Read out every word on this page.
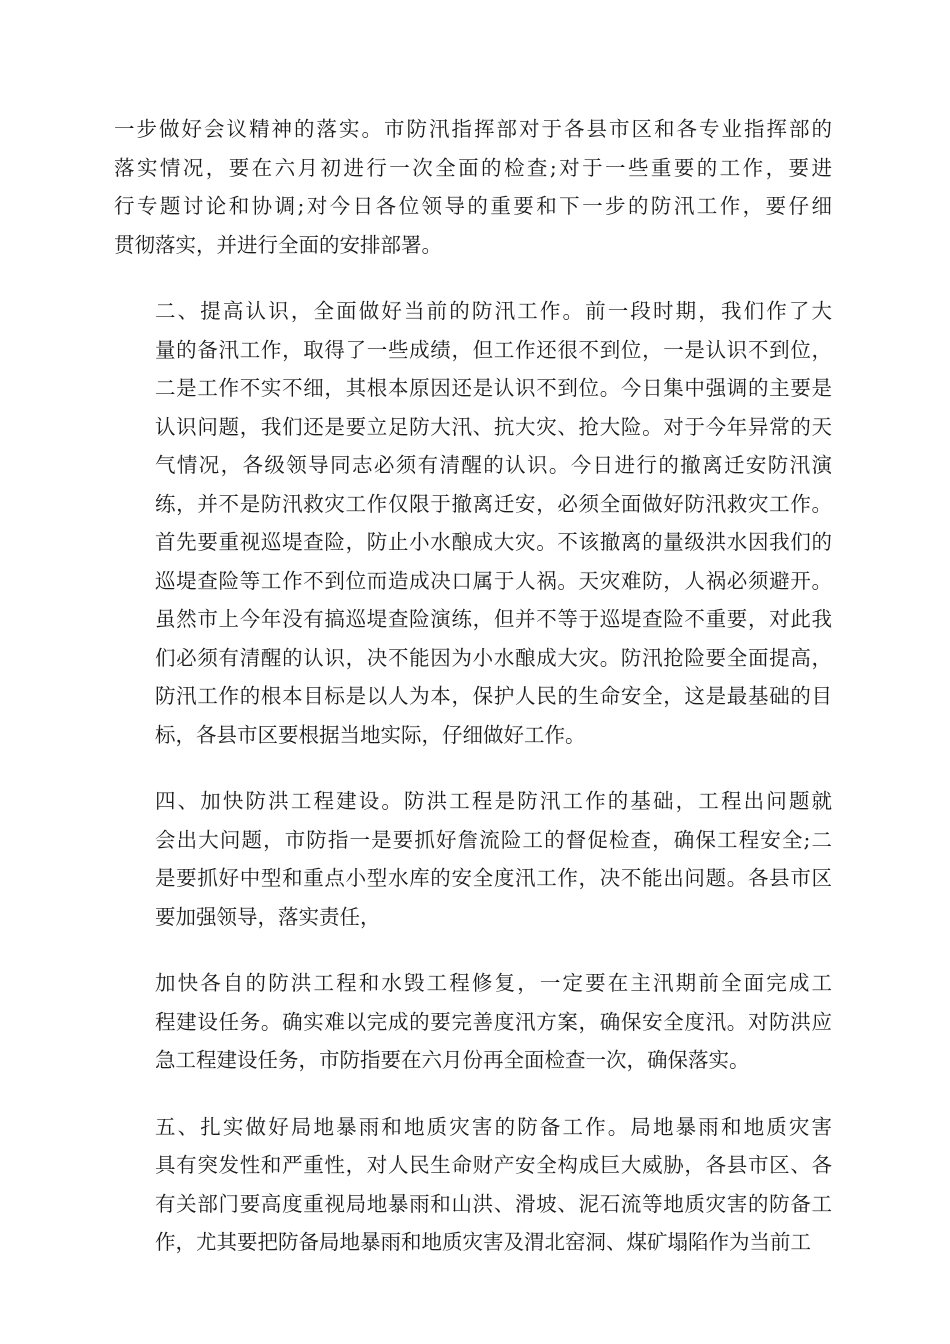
一步做好会议精神的落实。市防汛指挥部对于各县市区和各专业指挥部的
落实情况，要在六月初进行一次全面的检查;对于一些重要的工作，要进
行专题讨论和协调;对今日各位领导的重要和下一步的防汛工作，要仔细
贯彻落实，并进行全面的安排部署。
二、提高认识，全面做好当前的防汛工作。前一段时期，我们作了大
量的备汛工作，取得了一些成绩，但工作还很不到位，一是认识不到位，
二是工作不实不细，其根本原因还是认识不到位。今日集中强调的主要是
认识问题，我们还是要立足防大汛、抗大灾、抢大险。对于今年异常的天
气情况，各级领导同志必须有清醒的认识。今日进行的撤离迁安防汛演
练，并不是防汛救灾工作仅限于撤离迁安，必须全面做好防汛救灾工作。
首先要重视巡堤查险，防止小水酿成大灾。不该撤离的量级洪水因我们的
巡堤查险等工作不到位而造成决口属于人祸。天灾难防，人祸必须避开。
虽然市上今年没有搞巡堤查险演练，但并不等于巡堤查险不重要，对此我
们必须有清醒的认识，决不能因为小水酿成大灾。防汛抢险要全面提高，
防汛工作的根本目标是以人为本，保护人民的生命安全，这是最基础的目
标，各县市区要根据当地实际，仔细做好工作。
四、加快防洪工程建设。防洪工程是防汛工作的基础，工程出问题就
会出大问题，市防指一是要抓好詹流险工的督促检查，确保工程安全;二
是要抓好中型和重点小型水库的安全度汛工作，决不能出问题。各县市区
要加强领导，落实责任，
加快各自的防洪工程和水毁工程修复，一定要在主汛期前全面完成工
程建设任务。确实难以完成的要完善度汛方案，确保安全度汛。对防洪应
急工程建设任务，市防指要在六月份再全面检查一次，确保落实。
五、扎实做好局地暴雨和地质灾害的防备工作。局地暴雨和地质灾害
具有突发性和严重性，对人民生命财产安全构成巨大威胁，各县市区、各
有关部门要高度重视局地暴雨和山洪、滑坡、泥石流等地质灾害的防备工
作，尤其要把防备局地暴雨和地质灾害及渭北窑洞、煤矿塌陷作为当前工
